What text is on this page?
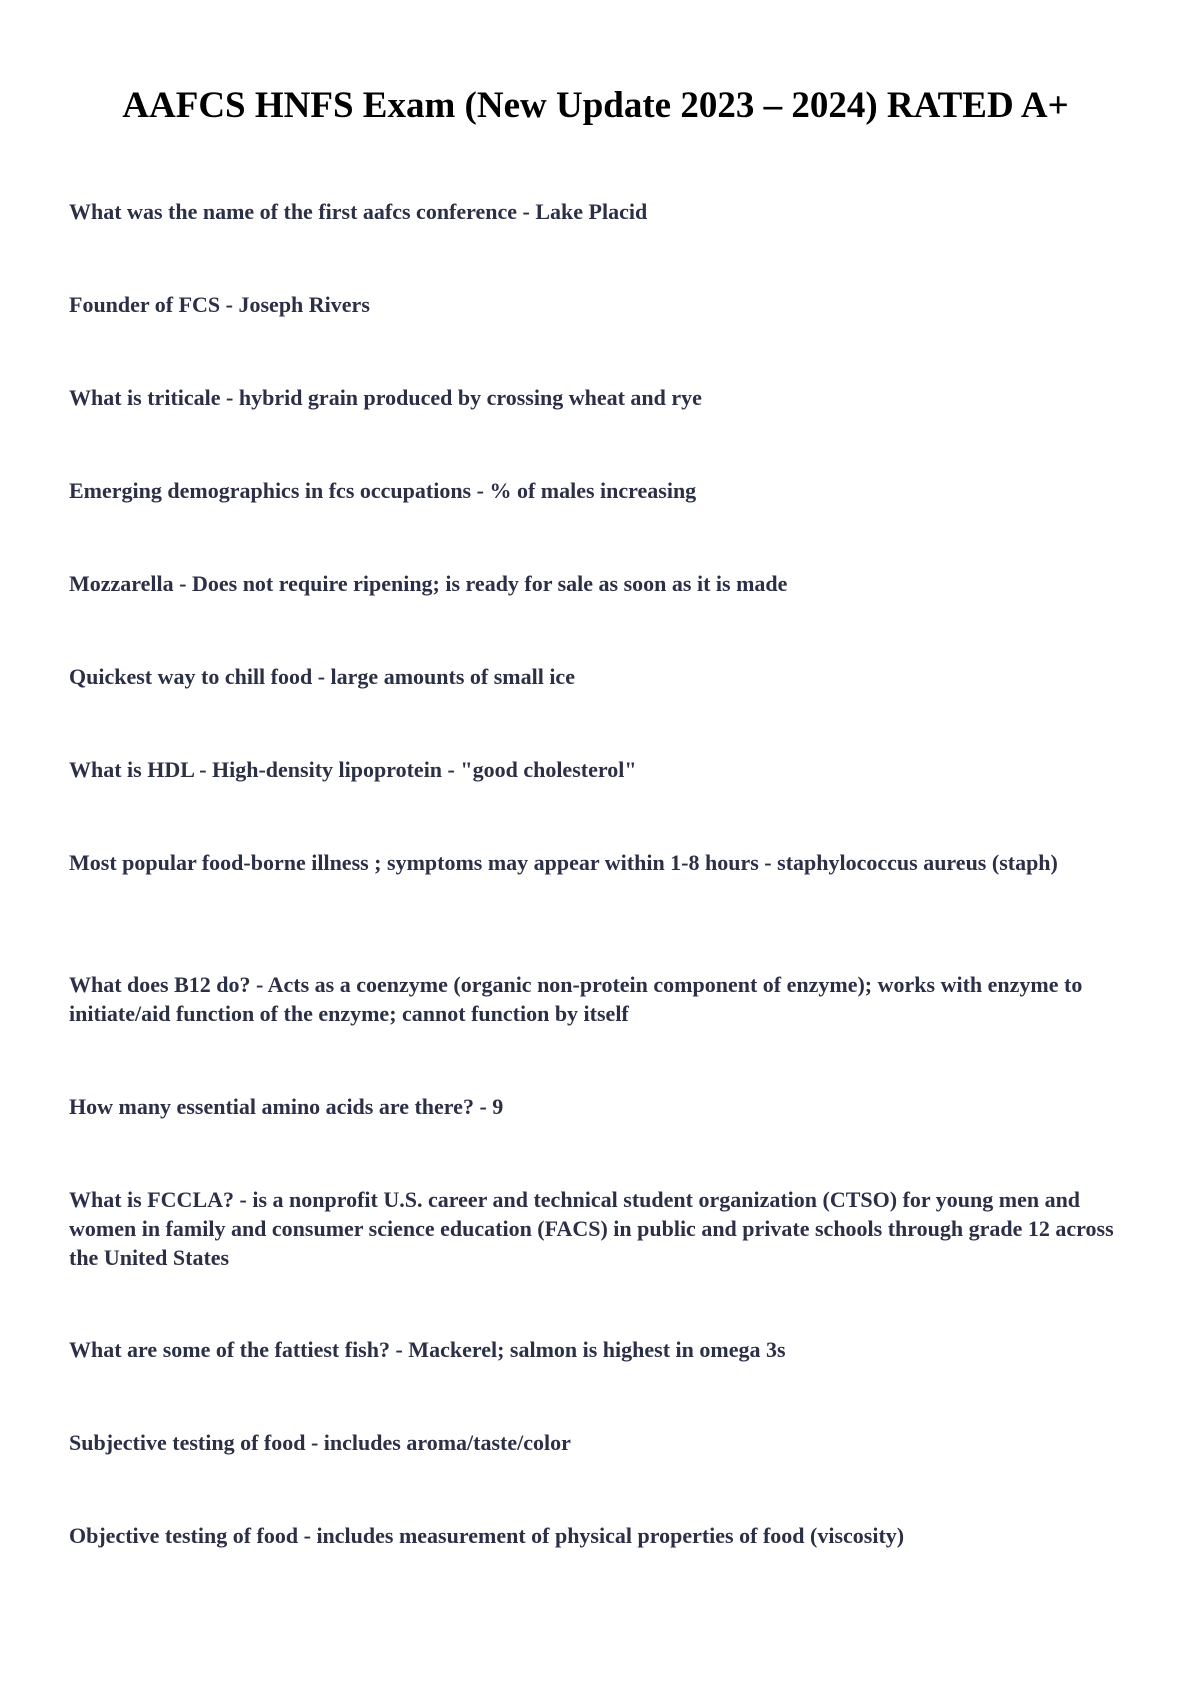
AAFCS HNFS Exam (New Update 2023 – 2024) RATED A+

What was the name of the first aafcs conference - Lake Placid

Founder of FCS - Joseph Rivers

What is triticale - hybrid grain produced by crossing wheat and rye

Emerging demographics in fcs occupations - % of males increasing

Mozzarella - Does not require ripening; is ready for sale as soon as it is made

Quickest way to chill food - large amounts of small ice

What is HDL - High-density lipoprotein - "good cholesterol"

Most popular food-borne illness ; symptoms may appear within 1-8 hours - staphylococcus aureus (staph)

What does B12 do? - Acts as a coenzyme (organic non-protein component of enzyme); works with enzyme to initiate/aid function of the enzyme; cannot function by itself

How many essential amino acids are there? - 9

What is FCCLA? - is a nonprofit U.S. career and technical student organization (CTSO) for young men and women in family and consumer science education (FACS) in public and private schools through grade 12 across the United States

What are some of the fattiest fish? - Mackerel; salmon is highest in omega 3s

Subjective testing of food - includes aroma/taste/color

Objective testing of food - includes measurement of physical properties of food (viscosity)
